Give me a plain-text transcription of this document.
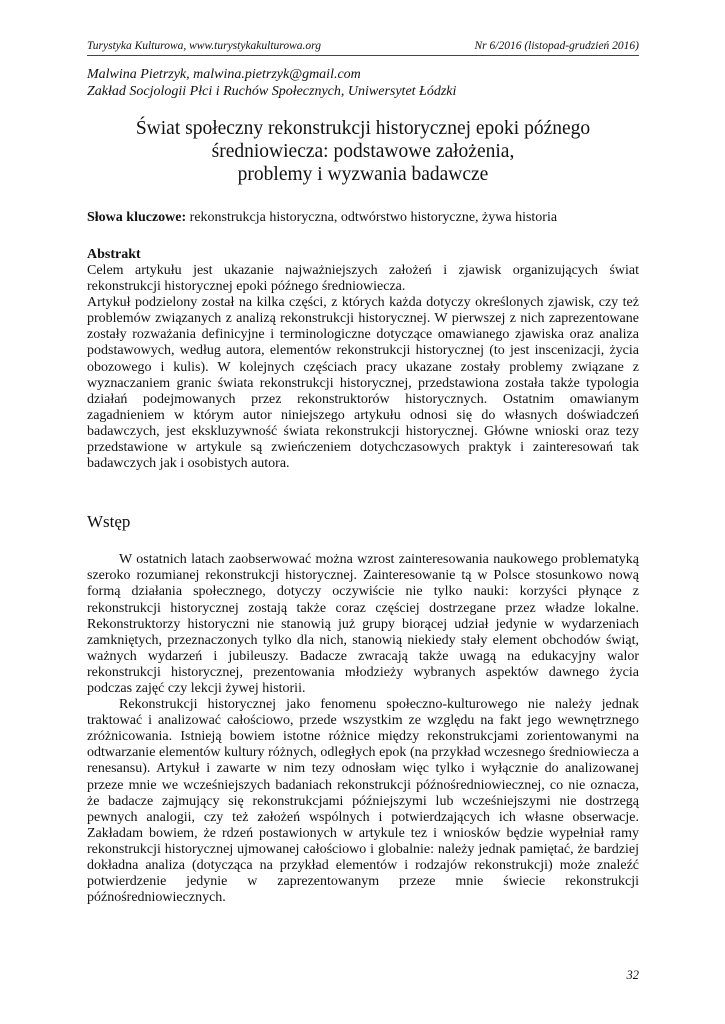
Turystyka Kulturowa, www.turystykakulturowa.org	Nr 6/2016 (listopad-grudzień 2016)
Malwina Pietrzyk, malwina.pietrzyk@gmail.com
Zakład Socjologii Płci i Ruchów Społecznych, Uniwersytet Łódzki
Świat społeczny rekonstrukcji historycznej epoki późnego
średniowiecza: podstawowe założenia,
problemy i wyzwania badawcze
Słowa kluczowe: rekonstrukcja historyczna, odtwórstwo historyczne, żywa historia
Abstrakt

Celem artykułu jest ukazanie najważniejszych założeń i zjawisk organizujących świat rekonstrukcji historycznej epoki późnego średniowiecza.

Artykuł podzielony został na kilka części, z których każda dotyczy określonych zjawisk, czy też problemów związanych z analizą rekonstrukcji historycznej. W pierwszej z nich zaprezentowane zostały rozważania definicyjne i terminologiczne dotyczące omawianego zjawiska oraz analiza podstawowych, według autora, elementów rekonstrukcji historycznej (to jest inscenizacji, życia obozowego i kulis). W kolejnych częściach pracy ukazane zostały problemy związane z wyznaczaniem granic świata rekonstrukcji historycznej, przedstawiona została także typologia działań podejmowanych przez rekonstruktorów historycznych. Ostatnim omawianym zagadnieniem w którym autor niniejszego artykułu odnosi się do własnych doświadczeń badawczych, jest ekskluzywność świata rekonstrukcji historycznej. Główne wnioski oraz tezy przedstawione w artykule są zwieńczeniem dotychczasowych praktyk i zainteresowań tak badawczych jak i osobistych autora.

Wstęp

W ostatnich latach zaobserwować można wzrost zainteresowania naukowego problematyką szeroko rozumianej rekonstrukcji historycznej. Zainteresowanie tą w Polsce stosunkowo nową formą działania społecznego, dotyczy oczywiście nie tylko nauki: korzyści płynące z rekonstrukcji historycznej zostają także coraz częściej dostrzegane przez władze lokalne. Rekonstruktorzy historyczni nie stanowią już grupy biorącej udział jedynie w wydarzeniach zamkniętych, przeznaczonych tylko dla nich, stanowią niekiedy stały element obchodów świąt, ważnych wydarzeń i jubileuszy. Badacze zwracają także uwagą na edukacyjny walor rekonstrukcji historycznej, prezentowania młodzieży wybranych aspektów dawnego życia podczas zajęć czy lekcji żywej historii.

Rekonstrukcji historycznej jako fenomenu społeczno-kulturowego nie należy jednak traktować i analizować całościowo, przede wszystkim ze względu na fakt jego wewnętrznego zróżnicowania. Istnieją bowiem istotne różnice między rekonstrukcjami zorientowanymi na odtwarzanie elementów kultury różnych, odległych epok (na przykład wczesnego średniowiecza a renesansu). Artykuł i zawarte w nim tezy odnosłam więc tylko i wyłącznie do analizowanej przeze mnie we wcześniejszych badaniach rekonstrukcji późnośredniowiecznej, co nie oznacza, że badacze zajmujący się rekonstrukcjami późniejszymi lub wcześniejszymi nie dostrzegą pewnych analogii, czy też założeń wspólnych i potwierdzających ich własne obserwacje. Zakładam bowiem, że rdzeń postawionych w artykule tez i wniosków będzie wypełniał ramy rekonstrukcji historycznej ujmowanej całościowo i globalnie: należy jednak pamiętać, że bardziej dokładna analiza (dotycząca na przykład elementów i rodzajów rekonstrukcji) może znaleźć potwierdzenie jedynie w zaprezentowanym przeze mnie świecie rekonstrukcji późnośredniowiecznych.

32
